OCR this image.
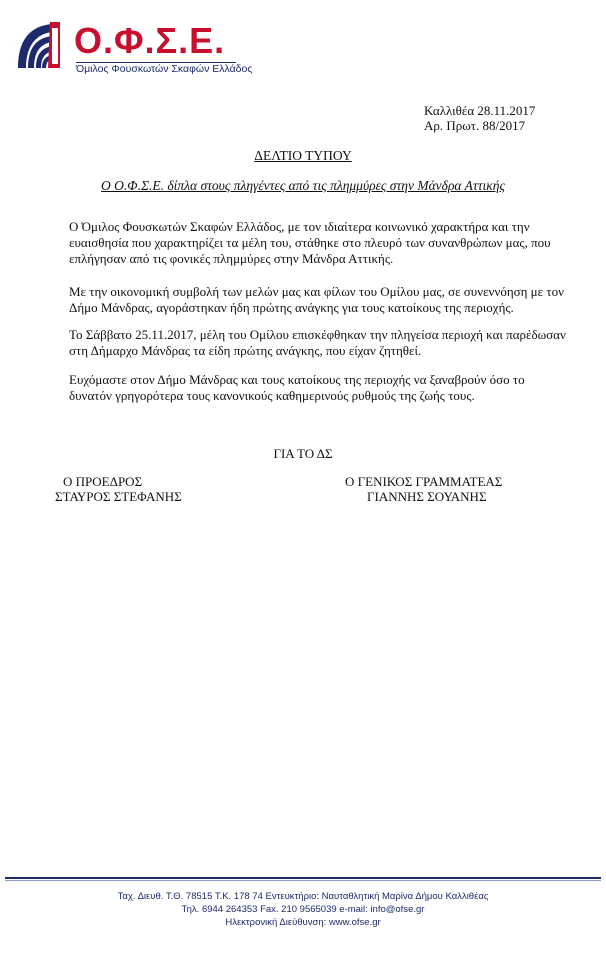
Ο.Φ.Σ.Ε.
Όμιλος Φουσκωτών Σκαφών Ελλάδος
Καλλιθέα 28.11.2017
Αρ. Πρωτ. 88/2017
ΔΕΛΤΙΟ ΤΥΠΟΥ
Ο Ο.Φ.Σ.Ε. δίπλα στους πληγέντες από τις πλημμύρες στην Μάνδρα Αττικής

Ο Όμιλος Φουσκωτών Σκαφών Ελλάδος, με τον ιδιαίτερα κοινωνικό χαρακτήρα και την ευαισθησία που χαρακτηρίζει τα μέλη του, στάθηκε στο πλευρό των συνανθρώπων μας, που επλήγησαν από τις φονικές πλημμύρες στην Μάνδρα Αττικής.

Με την οικονομική συμβολή των μελών μας και φίλων του Ομίλου μας, σε συνεννόηση με τον Δήμο Μάνδρας, αγοράστηκαν ήδη πρώτης ανάγκης για τους κατοίκους της περιοχής.

Το Σάββατο 25.11.2017, μέλη του Ομίλου επισκέφθηκαν την πληγείσα περιοχή και παρέδωσαν στη Δήμαρχο Μάνδρας τα είδη πρώτης ανάγκης, που είχαν ζητηθεί.

Ευχόμαστε στον Δήμο Μάνδρας και τους κατοίκους της περιοχής να ξαναβρούν όσο το δυνατόν γρηγορότερα τους κανονικούς καθημερινούς ρυθμούς της ζωής τους.

ΓΙΑ ΤΟ ΔΣ
Ο ΠΡΟΕΔΡΟΣ
ΣΤΑΥΡΟΣ ΣΤΕΦΑΝΗΣ
Ο ΓΕΝΙΚΟΣ ΓΡΑΜΜΑΤΕΑΣ
ΓΙΑΝΝΗΣ ΣΟΥΑΝΗΣ
Ταχ. Διευθ. Τ.Θ. 78515 Τ.Κ. 178 74 Εντευκτήριο: Ναυταθλητική Μαρίνα Δήμου Καλλιθέας
Τηλ. 6944 264353 Fax. 210 9565039 e-mail: info@ofse.gr
Ηλεκτρονική Διεύθυνση: www.ofse.gr
